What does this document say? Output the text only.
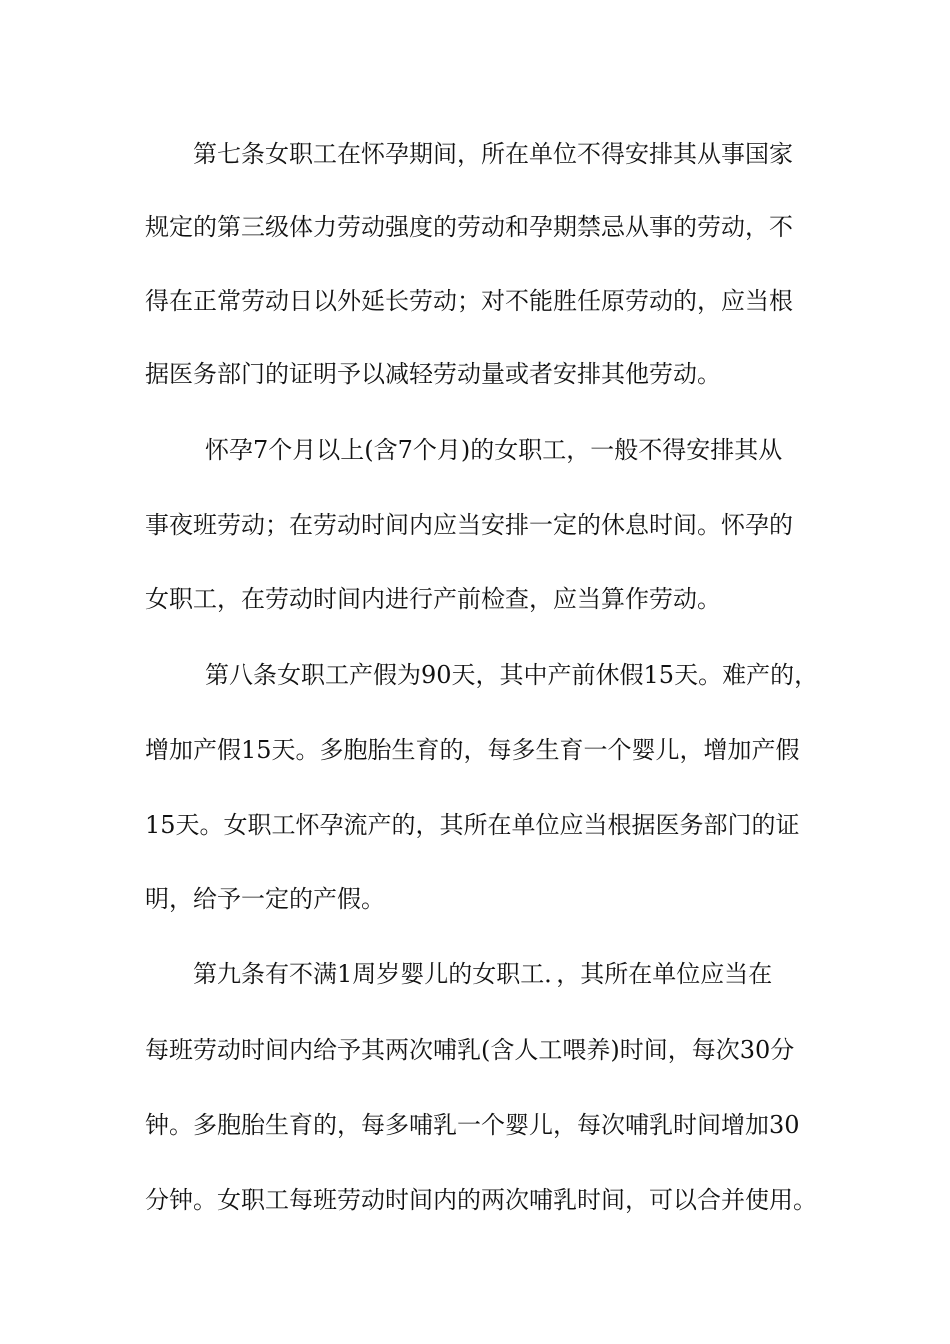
第七条女职工在怀孕期间，所在单位不得安排其从事国家
规定的第三级体力劳动强度的劳动和孕期禁忌从事的劳动，不
得在正常劳动日以外延长劳动；对不能胜任原劳动的，应当根
据医务部门的证明予以减轻劳动量或者安排其他劳动。
怀孕7个月以上(含7个月)的女职工，一般不得安排其从
事夜班劳动；在劳动时间内应当安排一定的休息时间。怀孕的
女职工，在劳动时间内进行产前检查，应当算作劳动。
第八条女职工产假为90天，其中产前休假15天。难产的，
增加产假15天。多胞胎生育的，每多生育一个婴儿，增加产假
15天。女职工怀孕流产的，其所在单位应当根据医务部门的证
明，给予一定的产假。
第九条有不满1周岁婴儿的女职工．，其所在单位应当在
每班劳动时间内给予其两次哺乳(含人工喂养)时间，每次30分
钟。多胞胎生育的，每多哺乳一个婴儿，每次哺乳时间增加30
分钟。女职工每班劳动时间内的两次哺乳时间，可以合并使用。
